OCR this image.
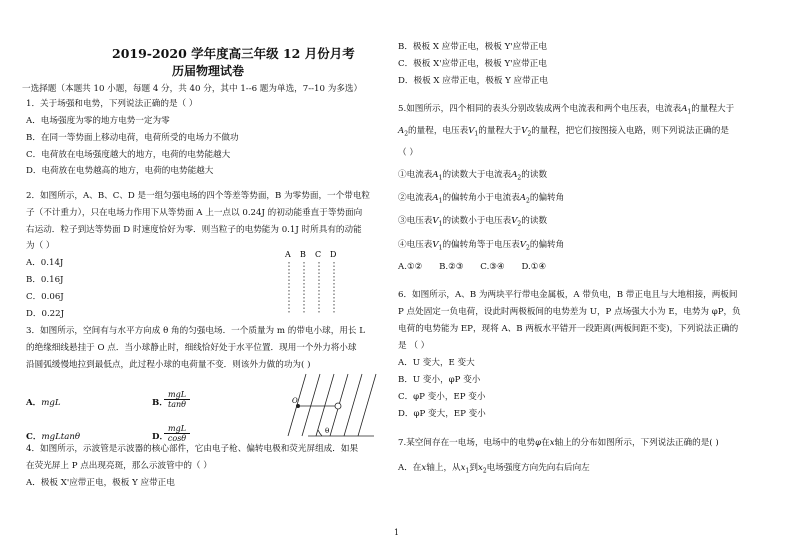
2019-2020 学年度高三年级 12 月份月考
历届物理试卷
一选择题（本题共 10 小题，每题 4 分，共 40 分，其中 1--6 题为单选，7--10 为多选）
1．关于场强和电势，下列说法正确的是（ ）
A．电场强度为零的地方电势一定为零
B．在同一等势面上移动电荷，电荷所受的电场力不做功
C．电荷放在电场强度越大的地方，电荷的电势能越大
D．电荷放在电势越高的地方，电荷的电势能越大
2．如图所示，A、B、C、D 是一组匀强电场的四个等差等势面，B 为零势面，一个带电粒
子（不计重力），只在电场力作用下从等势面 A 上一点以 0.24J 的初动能垂直于等势面向
右运动．粒子到达等势面 D 时速度恰好为零．则当粒子的电势能为 0.1J 时所具有的动能
为（ ）
A．0.14J
B．0.16J
C．0.06J
D．0.22J
A B C D
3．如图所示，空间有与水平方向成 θ 角的匀强电场．一个质量为 m 的带电小球，用长 L
的绝缘细线悬挂于 O 点．当小球静止时，细线恰好处于水平位置．现用一个外力将小球
沿圆弧缓慢地拉到最低点，此过程小球的电荷量不变．则该外力做的功为( )
A．mgL	B．
mgL
tanθ
C．mgLtanθ	D．
mgL
cosθ
O
θ
4．如图所示，示波管是示波器的核心部件，它由电子枪、偏转电极和荧光屏组成．如果
在荧光屏上 P 点出现亮斑，那么示波管中的（ ）
A．极板 X'应带正电，极板 Y 应带正电
B．极板 X 应带正电，极板 Y'应带正电
C．极板 X'应带正电，极板 Y'应带正电
D．极板 X 应带正电，极板 Y 应带正电
5.如图所示，四个相同的表头分别改装成两个电流表和两个电压表，电流表$A_1$的量程大于
$A_2$的量程，电压表$V_1$的量程大于$V_2$的量程，把它们按图接入电路，则下列说法正确的是
（ ）
①电流表$A_1$的读数大于电流表$A_2$的读数
②电流表$A_1$的偏转角小于电流表$A_2$的偏转角
③电压表$V_1$的读数小于电压表$V_2$的读数
④电压表$V_1$的偏转角等于电压表$V_2$的偏转角
A.①② B.②③ C.③④ D.①④
6．如图所示，A、B 为两块平行带电金属板，A 带负电，B 带正电且与大地相接，两板间
P 点处固定一负电荷，设此时两极板间的电势差为 U，P 点场强大小为 E，电势为 φP，负
电荷的电势能为 EP，现将 A、B 两板水平错开一段距离(两板间距不变)，下列说法正确的
是 （ ）
A．U 变大，E 变大
B．U 变小，φP 变小
C．φP 变小，EP 变小
D．φP 变大，EP 变小
7.某空间存在一电场，电场中的电势φ在x轴上的分布如图所示，下列说法正确的是( )
A．在x轴上，从$x_1$到$x_2$电场强度方向先向右后向左
1
